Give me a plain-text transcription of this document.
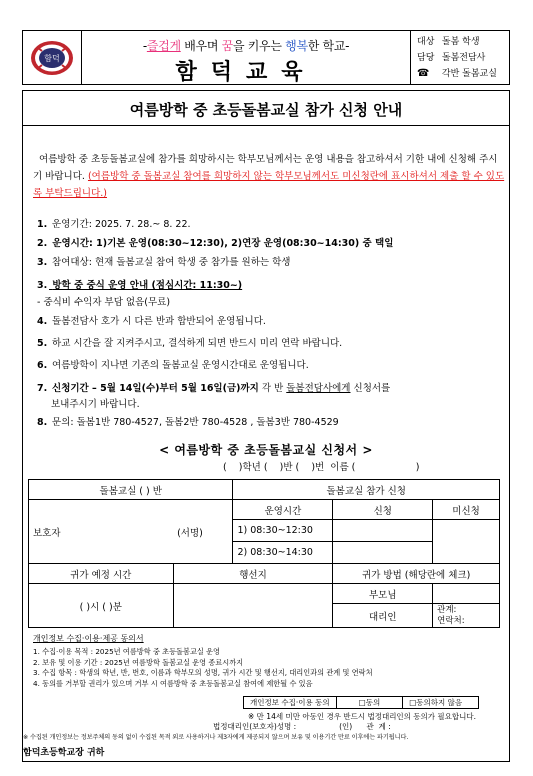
함덕
-즐겁게 배우며 꿈을 키우는 행복한 학교-
함덕교육
대상 돌봄 학생
담당 돌봄전담사
☎ 각반 돌봄교실
여름방학 중 초등돌봄교실 참가 신청 안내
여름방학 중 초등돌봄교실에 참가를 희망하시는 학부모님께서는 운영 내용을 참고하셔서 기한 내에 신청해 주시기 바랍니다. (여름방학 중 돌봄교실 참여를 희망하지 않는 학부모님께서도 미신청란에 표시하셔서 제출 할 수 있도록 부탁드립니다.)
1. 운영기간: 2025. 7. 28.~ 8. 22.
2. 운영시간: 1)기본 운영(08:30~12:30), 2)연장 운영(08:30~14:30) 중 택일
3. 참여대상: 현재 돌봄교실 참여 학생 중 참가를 원하는 학생
3. 방학 중 중식 운영 안내 (점심시간: 11:30~)
- 중식비 수익자 부담 없음(무료)
4. 돌봄전담사 호가 시 다른 반과 합반되어 운영됩니다.
5. 하교 시간을 잘 지켜주시고, 결석하게 되면 반드시 미리 연락 바랍니다.
6. 여름방학이 지나면 기존의 돌봄교실 운영시간대로 운영됩니다.
7. 신청기간 – 5월 14일(수)부터 5월 16일(금)까지 각 반 돌봄전담사에게 신청서를
보내주시기 바랍니다.
8. 문의: 돌봄1반 780-4527, 돌봄2반 780-4528 , 돌봄3반 780-4529
< 여름방학 중 초등돌봄교실 신청서 >
(    )학년 (    )반 (    )번  이름 (                    )
돌봄교실 ( ) 반		돌봄교실 참가 신청		
보호자	(서명)	운영시간	신청	미신청
		1) 08:30~12:30		
		2) 08:30~14:30		
귀가 예정 시간	행선지		귀가 방법 (해당란에 체크)	
( )시 ( )분			부모님	
			대리인	관계:
연락처:
개인정보 수집·이용·제공 동의서
1. 수집·이용 목적 : 2025년 여름방학 중 초등돌봄교실 운영
2. 보유 및 이용 기간 : 2025년 여름방학 돌봄교실 운영 종료시까지
3. 수집 항목 : 학생의 학년, 반, 번호, 이름과 학부모의 성명, 귀가 시간 및 행선지, 대리인과의 관계 및 연락처
4. 동의를 거부할 권리가 있으며 거부 시 여름방학 중 초등돌봄교실 참여에 제한될 수 있음
개인정보 수집·이용 동의	□동의	□동의하지 않음
※ 만 14세 미만 아동인 경우 반드시 법정대리인의 동의가 필요합니다.
법정대리인(보호자)성명 :                  (인)      관  계 :
※ 수집된 개인정보는 정보주체의 동의 없이 수집된 목적 외로 사용하거나 제3자에게 제공되지 않으며 보유 및 이용기간 만료 이후에는 파기됩니다.
함덕초등학교장 귀하
